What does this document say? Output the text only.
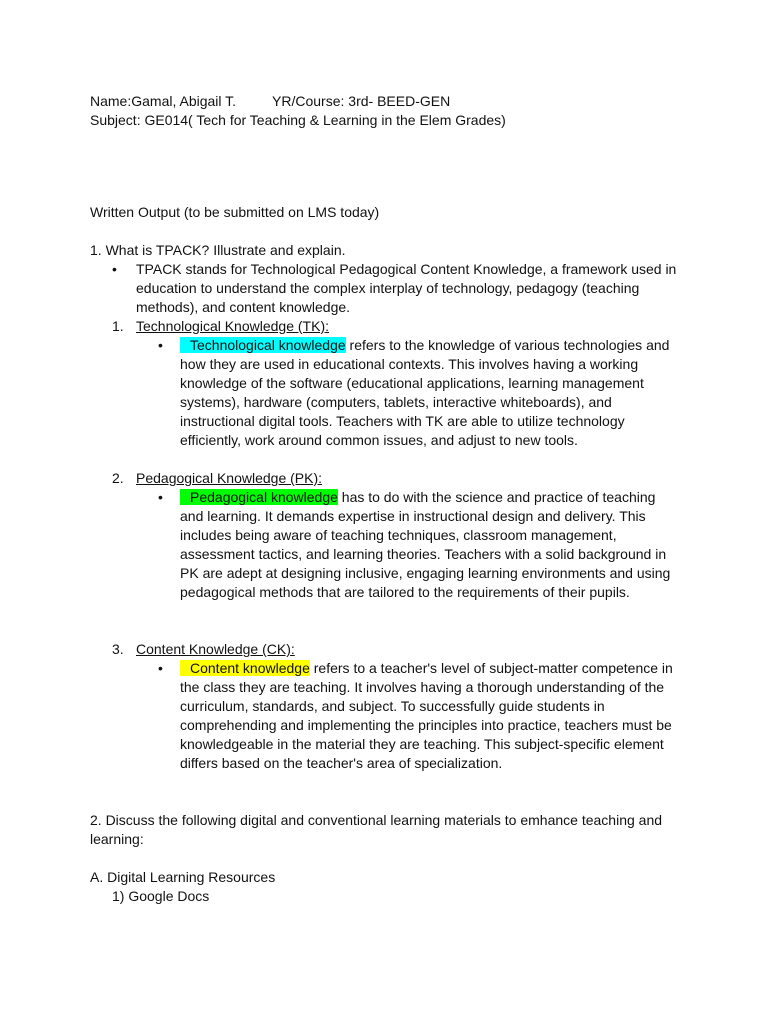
Name:Gamal, Abigail T.	YR/Course: 3rd- BEED-GEN
Subject: GE014( Tech for Teaching & Learning in the Elem Grades)
Written Output (to be submitted on LMS today)
1. What is TPACK? Illustrate and explain.
• TPACK stands for Technological Pedagogical Content Knowledge, a framework used in education to understand the complex interplay of technology, pedagogy (teaching methods), and content knowledge.
1. Technological Knowledge (TK):
• Technological knowledge refers to the knowledge of various technologies and how they are used in educational contexts. This involves having a working knowledge of the software (educational applications, learning management systems), hardware (computers, tablets, interactive whiteboards), and instructional digital tools. Teachers with TK are able to utilize technology efficiently, work around common issues, and adjust to new tools.
2. Pedagogical Knowledge (PK):
• Pedagogical knowledge has to do with the science and practice of teaching and learning. It demands expertise in instructional design and delivery. This includes being aware of teaching techniques, classroom management, assessment tactics, and learning theories. Teachers with a solid background in PK are adept at designing inclusive, engaging learning environments and using pedagogical methods that are tailored to the requirements of their pupils.
3. Content Knowledge (CK):
• Content knowledge refers to a teacher's level of subject-matter competence in the class they are teaching. It involves having a thorough understanding of the curriculum, standards, and subject. To successfully guide students in comprehending and implementing the principles into practice, teachers must be knowledgeable in the material they are teaching. This subject-specific element differs based on the teacher's area of specialization.
2. Discuss the following digital and conventional learning materials to emhance teaching and learning:
A. Digital Learning Resources
1) Google Docs
